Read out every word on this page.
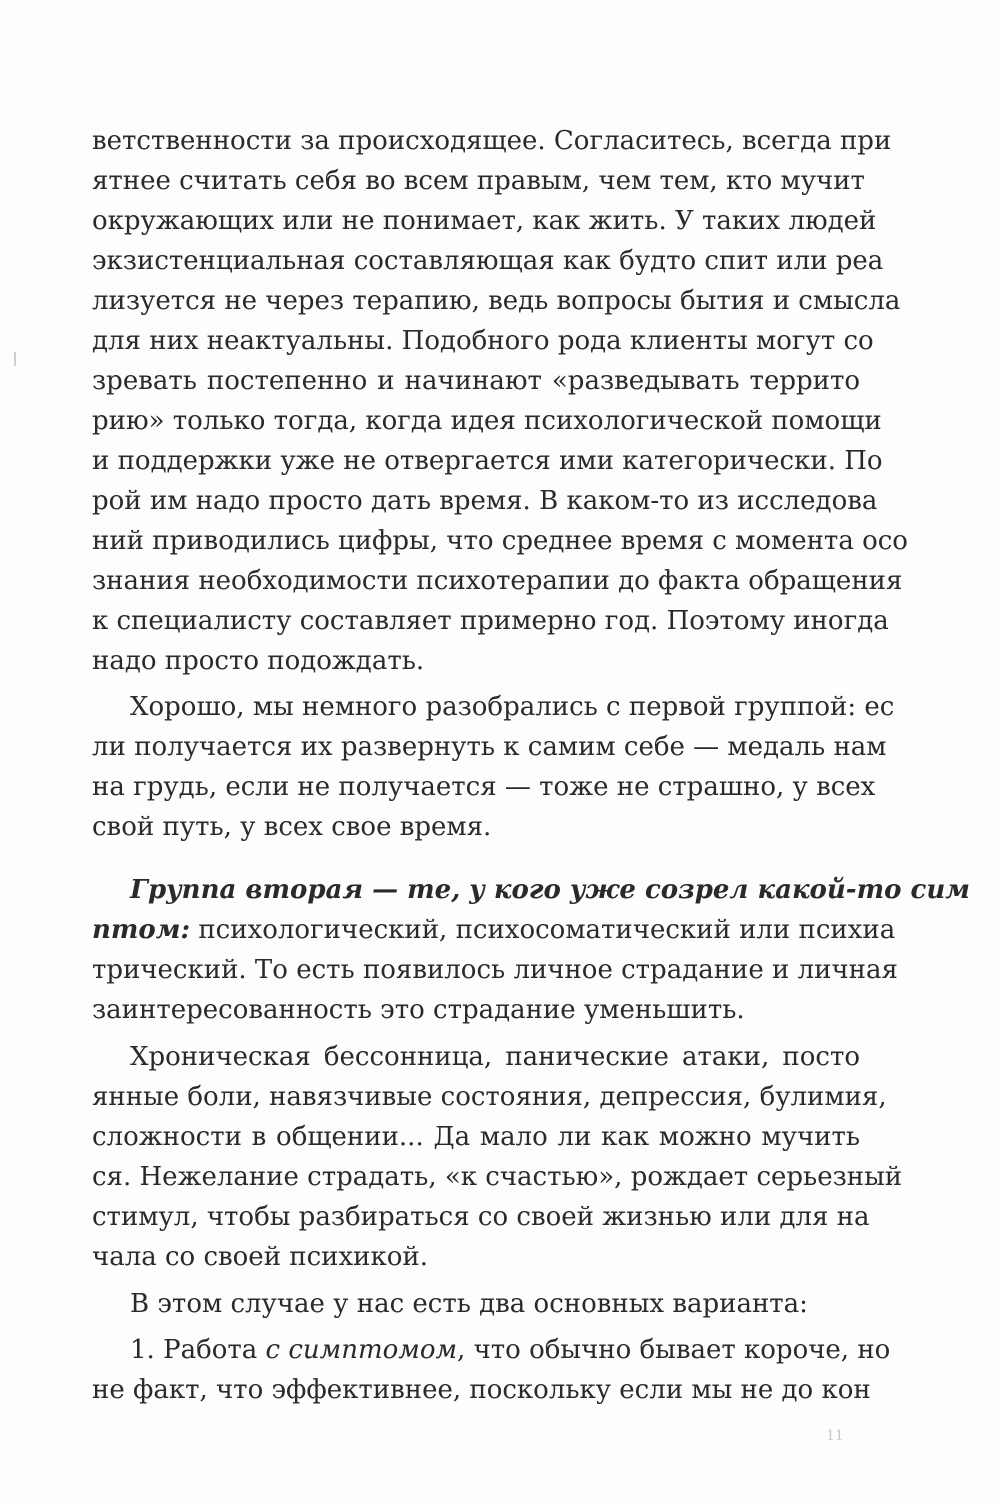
ветственности за происходящее. Согласитесь, всегда при
ятнее считать себя во всем правым, чем тем, кто мучит
окружающих или не понимает, как жить. У таких людей
экзистенциальная составляющая как будто спит или реа
лизуется не через терапию, ведь вопросы бытия и смысла
для них неактуальны. Подобного рода клиенты могут со
зревать постепенно и начинают «разведывать террито
рию» только тогда, когда идея психологической помощи
и поддержки уже не отвергается ими категорически. По
рой им надо просто дать время. В каком-то из исследова
ний приводились цифры, что среднее время с момента осо
знания необходимости психотерапии до факта обращения
к специалисту составляет примерно год. Поэтому иногда
надо просто подождать.
Хорошо, мы немного разобрались с первой группой: ес
ли получается их развернуть к самим себе — медаль нам
на грудь, если не получается — тоже не страшно, у всех
свой путь, у всех свое время.
Группа вторая — те, у кого уже созрел какой-то сим
птом: психологический, психосоматический или психиа
трический. То есть появилось личное страдание и личная
заинтересованность это страдание уменьшить.
Хроническая бессонница, панические атаки, посто
янные боли, навязчивые состояния, депрессия, булимия,
сложности в общении... Да мало ли как можно мучить
ся. Нежелание страдать, «к счастью», рождает серьезный
стимул, чтобы разбираться со своей жизнью или для на
чала со своей психикой.
В этом случае у нас есть два основных варианта:
1. Работа с симптомом, что обычно бывает короче, но
не факт, что эффективнее, поскольку если мы не до кон
11
